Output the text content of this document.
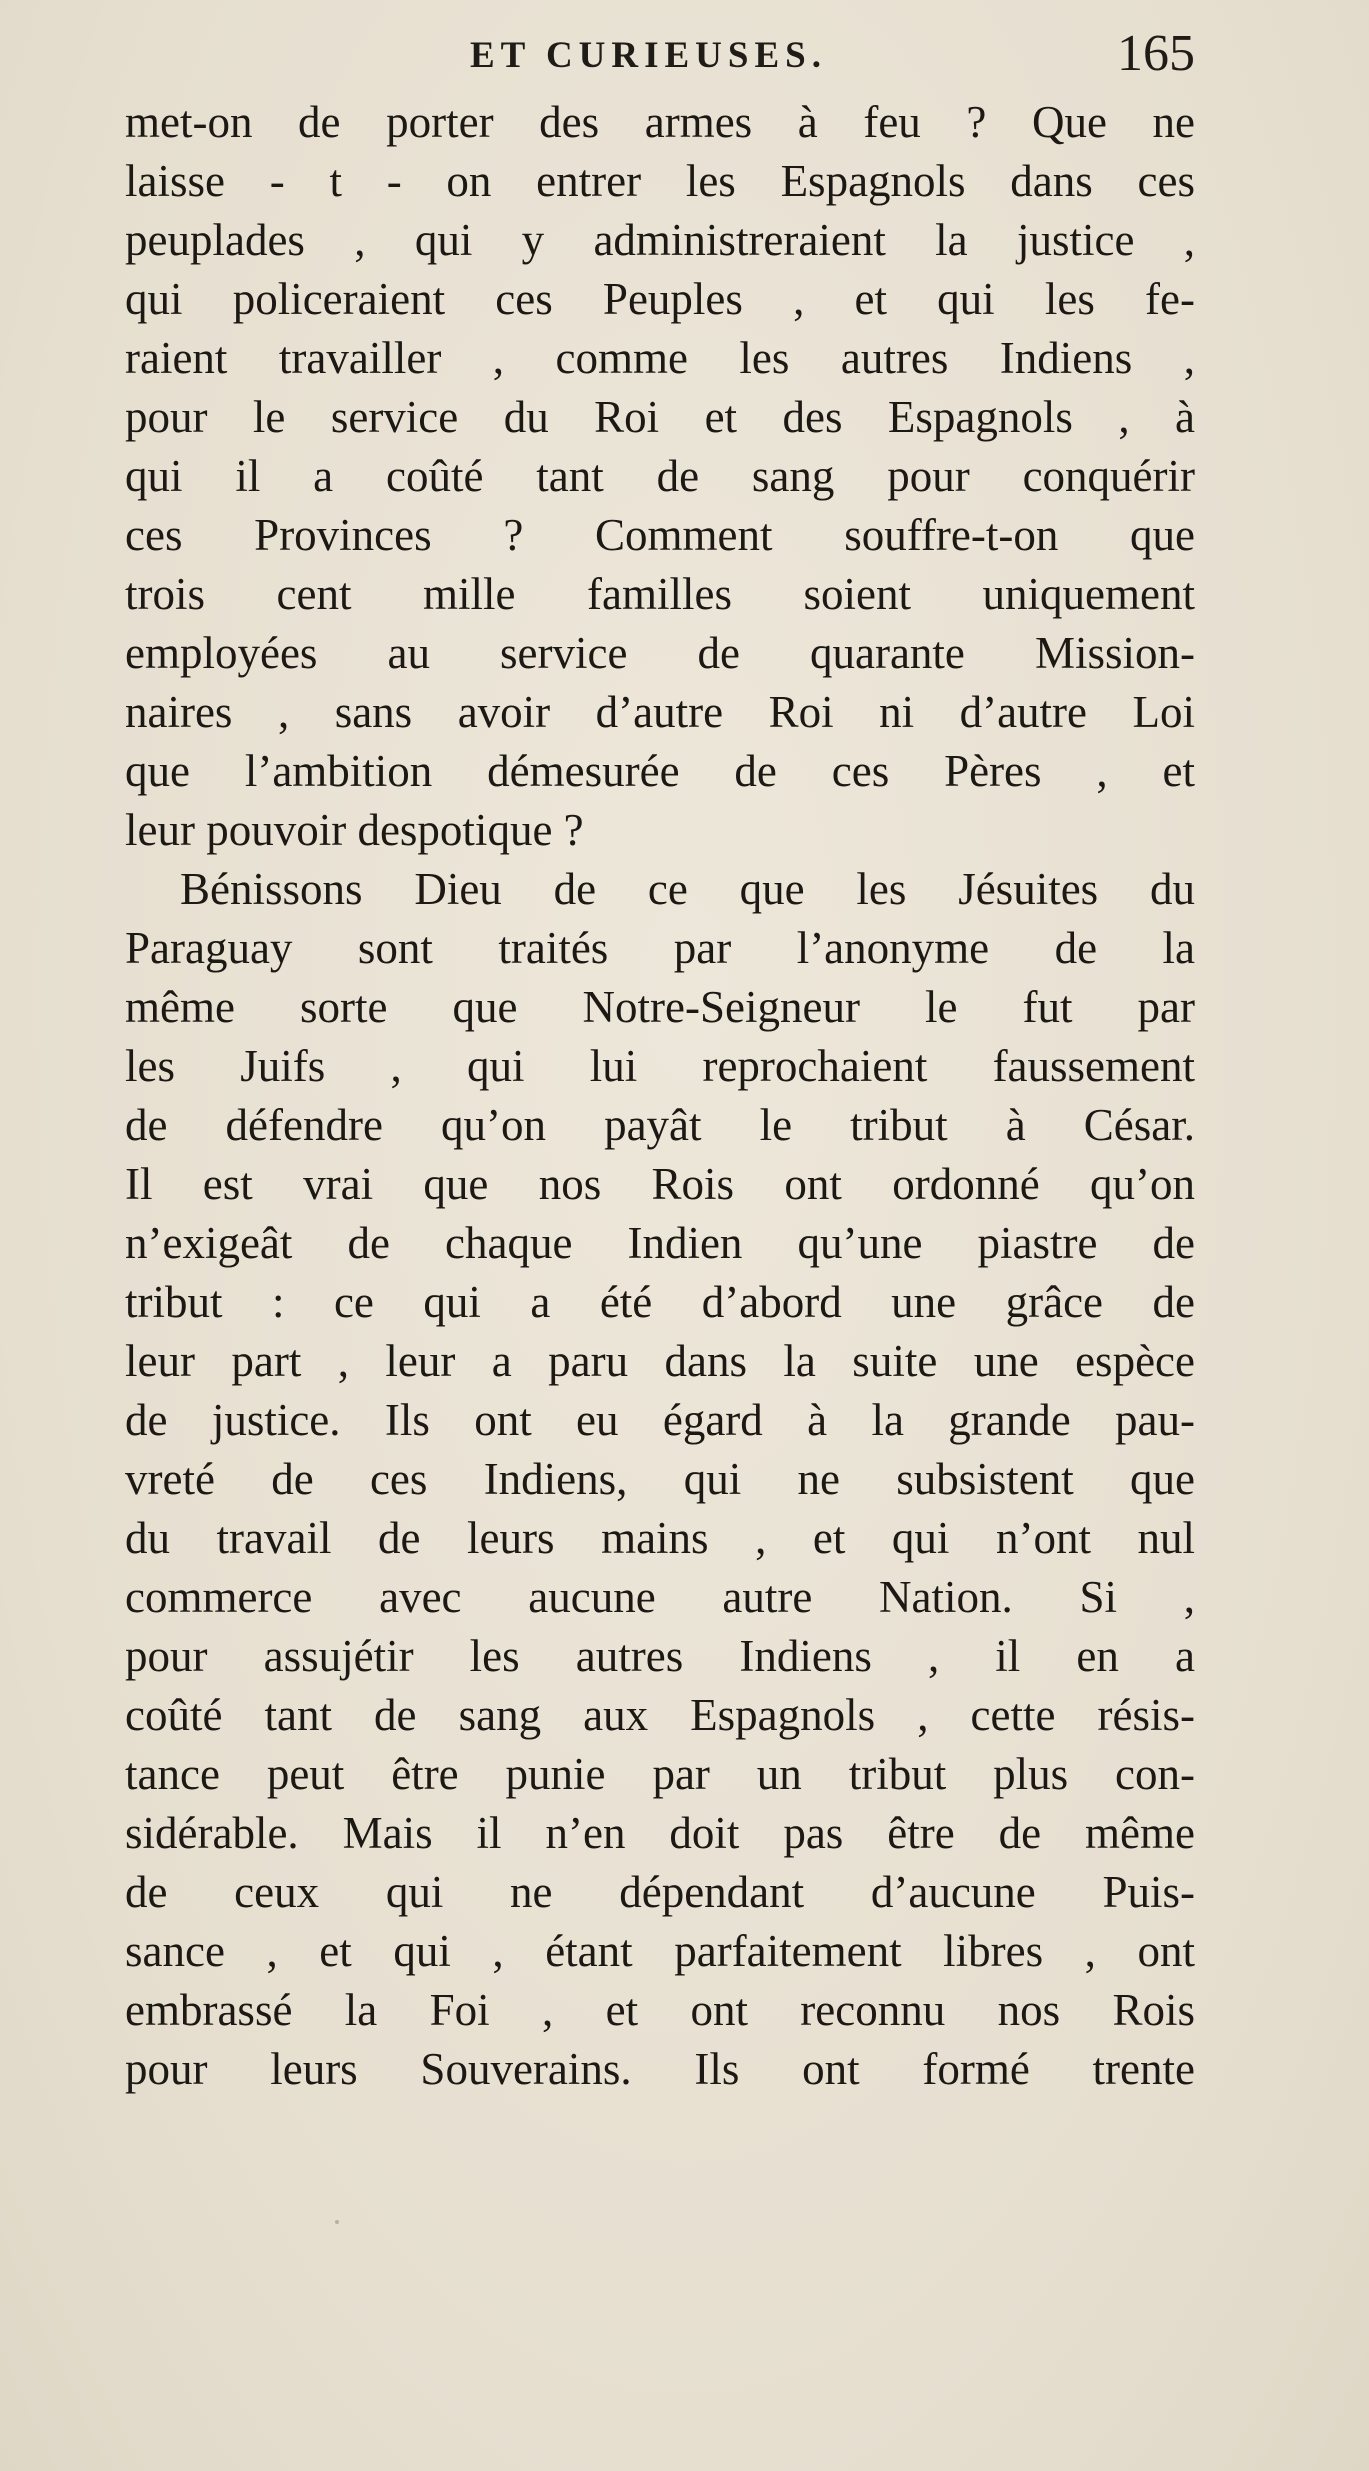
ET CURIEUSES.	165
met-on de porter des armes à feu ? Que ne
laisse - t - on entrer les Espagnols dans ces
peuplades , qui y administreraient la justice ,
qui policeraient ces Peuples , et qui les fe-
raient travailler , comme les autres Indiens ,
pour le service du Roi et des Espagnols , à
qui il a coûté tant de sang pour conquérir
ces Provinces ? Comment souffre-t-on que
trois cent mille familles soient uniquement
employées au service de quarante Mission-
naires , sans avoir d’autre Roi ni d’autre Loi
que l’ambition démesurée de ces Pères , et
leur pouvoir despotique ?
Bénissons Dieu de ce que les Jésuites du
Paraguay sont traités par l’anonyme de la
même sorte que Notre-Seigneur le fut par
les Juifs , qui lui reprochaient faussement
de défendre qu’on payât le tribut à César.
Il est vrai que nos Rois ont ordonné qu’on
n’exigeât de chaque Indien qu’une piastre de
tribut : ce qui a été d’abord une grâce de
leur part , leur a paru dans la suite une espèce
de justice. Ils ont eu égard à la grande pau-
vreté de ces Indiens, qui ne subsistent que
du travail de leurs mains , et qui n’ont nul
commerce avec aucune autre Nation. Si ,
pour assujétir les autres Indiens , il en a
coûté tant de sang aux Espagnols , cette résis-
tance peut être punie par un tribut plus con-
sidérable. Mais il n’en doit pas être de même
de ceux qui ne dépendant d’aucune Puis-
sance , et qui , étant parfaitement libres , ont
embrassé la Foi , et ont reconnu nos Rois
pour leurs Souverains. Ils ont formé trente
